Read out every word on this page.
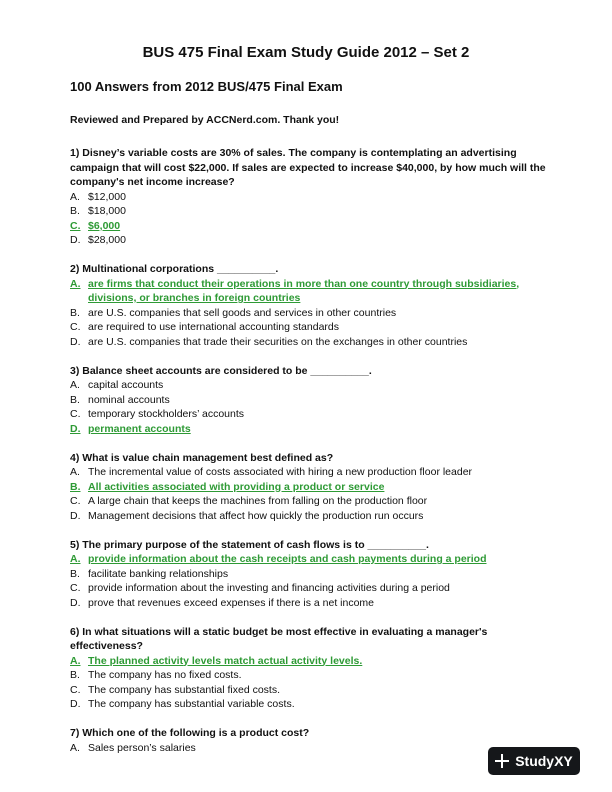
BUS 475 Final Exam Study Guide 2012 – Set 2
100 Answers from 2012 BUS/475 Final Exam
Reviewed and Prepared by ACCNerd.com. Thank you!
1) Disney’s variable costs are 30% of sales. The company is contemplating an advertising campaign that will cost $22,000. If sales are expected to increase $40,000, by how much will the company's net income increase?
A. $12,000
B. $18,000
C. $6,000
D. $28,000
2) Multinational corporations __________.
A. are firms that conduct their operations in more than one country through subsidiaries, divisions, or branches in foreign countries
B. are U.S. companies that sell goods and services in other countries
C. are required to use international accounting standards
D. are U.S. companies that trade their securities on the exchanges in other countries
3) Balance sheet accounts are considered to be __________.
A. capital accounts
B. nominal accounts
C. temporary stockholders’ accounts
D. permanent accounts
4) What is value chain management best defined as?
A. The incremental value of costs associated with hiring a new production floor leader
B. All activities associated with providing a product or service
C. A large chain that keeps the machines from falling on the production floor
D. Management decisions that affect how quickly the production run occurs
5) The primary purpose of the statement of cash flows is to __________.
A. provide information about the cash receipts and cash payments during a period
B. facilitate banking relationships
C. provide information about the investing and financing activities during a period
D. prove that revenues exceed expenses if there is a net income
6) In what situations will a static budget be most effective in evaluating a manager's effectiveness?
A. The planned activity levels match actual activity levels.
B. The company has no fixed costs.
C. The company has substantial fixed costs.
D. The company has substantial variable costs.
7) Which one of the following is a product cost?
A. Sales person’s salaries
StudyXY
